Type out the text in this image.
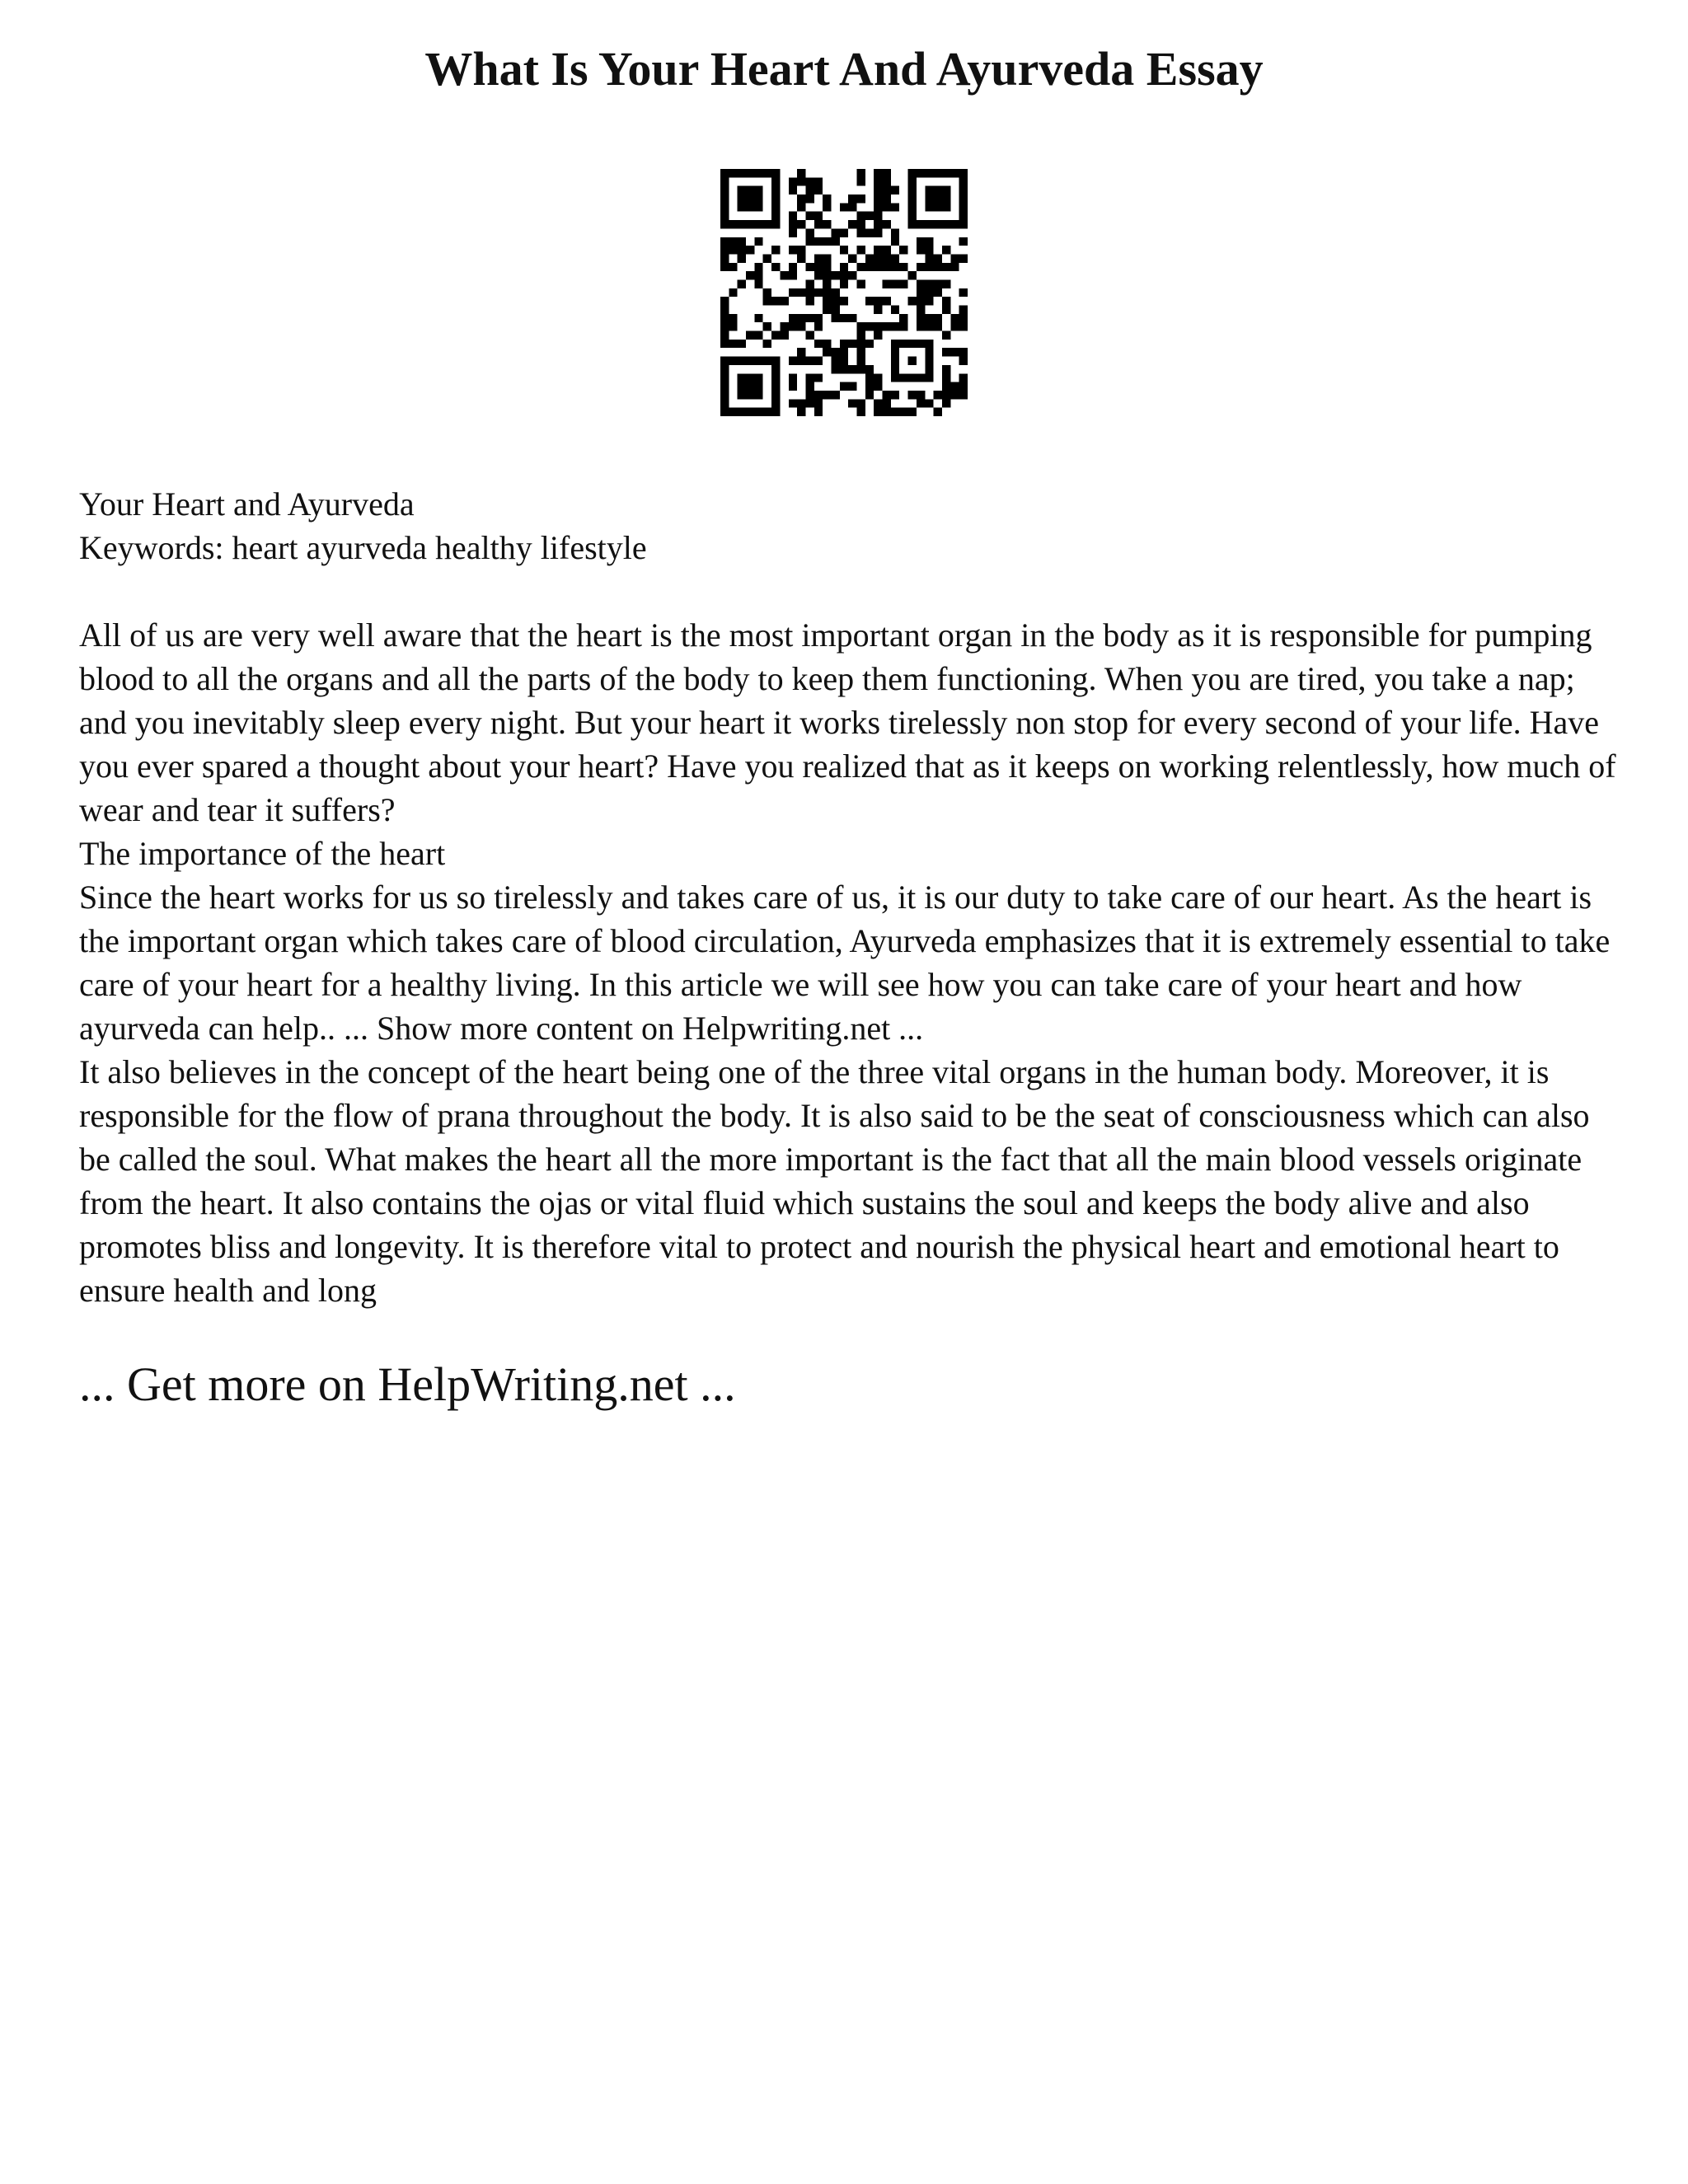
What Is Your Heart And Ayurveda Essay

Your Heart and Ayurveda

Keywords: heart ayurveda healthy lifestyle

All of us are very well aware that the heart is the most important organ in the body as it is responsible for pumping blood to all the organs and all the parts of the body to keep them functioning. When you are tired, you take a nap; and you inevitably sleep every night. But your heart it works tirelessly non stop for every second of your life. Have you ever spared a thought about your heart? Have you realized that as it keeps on working relentlessly, how much of wear and tear it suffers?

The importance of the heart

Since the heart works for us so tirelessly and takes care of us, it is our duty to take care of our heart. As the heart is the important organ which takes care of blood circulation, Ayurveda emphasizes that it is extremely essential to take care of your heart for a healthy living. In this article we will see how you can take care of your heart and how ayurveda can help.. ... Show more content on Helpwriting.net ...

It also believes in the concept of the heart being one of the three vital organs in the human body. Moreover, it is responsible for the flow of prana throughout the body. It is also said to be the seat of consciousness which can also be called the soul. What makes the heart all the more important is the fact that all the main blood vessels originate from the heart. It also contains the ojas or vital fluid which sustains the soul and keeps the body alive and also promotes bliss and longevity. It is therefore vital to protect and nourish the physical heart and emotional heart to ensure health and long

... Get more on HelpWriting.net ...
